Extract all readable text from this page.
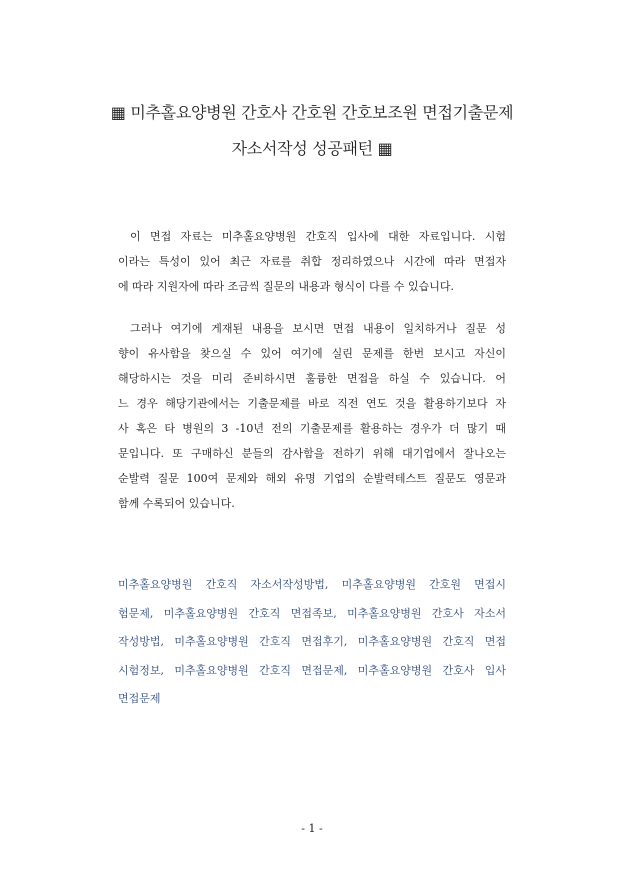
▦ 미추홀요양병원 간호사 간호원 간호보조원 면접기출문제
자소서작성 성공패턴 ▦
이 면접 자료는 미추홀요양병원 간호직 입사에 대한 자료입니다. 시험
이라는 특성이 있어 최근 자료를 취합 정리하였으나 시간에 따라 면접자
에 따라 지원자에 따라 조금씩 질문의 내용과 형식이 다를 수 있습니다.
그러나 여기에 게재된 내용을 보시면 면접 내용이 일치하거나 질문 성
향이 유사함을 찾으실 수 있어 여기에 실린 문제를 한번 보시고 자신이
해당하시는 것을 미리 준비하시면 훌륭한 면접을 하실 수 있습니다. 어
느 경우 해당기관에서는 기출문제를 바로 직전 연도 것을 활용하기보다 자
사 혹은 타 병원의 3 -10년 전의 기출문제를 활용하는 경우가 더 많기 때
문입니다. 또 구매하신 분들의 감사함을 전하기 위해 대기업에서 잘나오는
순발력 질문 100여 문제와 해외 유명 기업의 순발력테스트 질문도 영문과
함께 수록되어 있습니다.
미추홀요양병원 간호직 자소서작성방법, 미추홀요양병원 간호원 면접시
험문제, 미추홀요양병원 간호직 면접족보, 미추홀요양병원 간호사 자소서
작성방법, 미추홀요양병원 간호직 면접후기, 미추홀요양병원 간호직 면접
시험정보, 미추홀요양병원 간호직 면접문제, 미추홀요양병원 간호사 입사
면접문제
- 1 -
